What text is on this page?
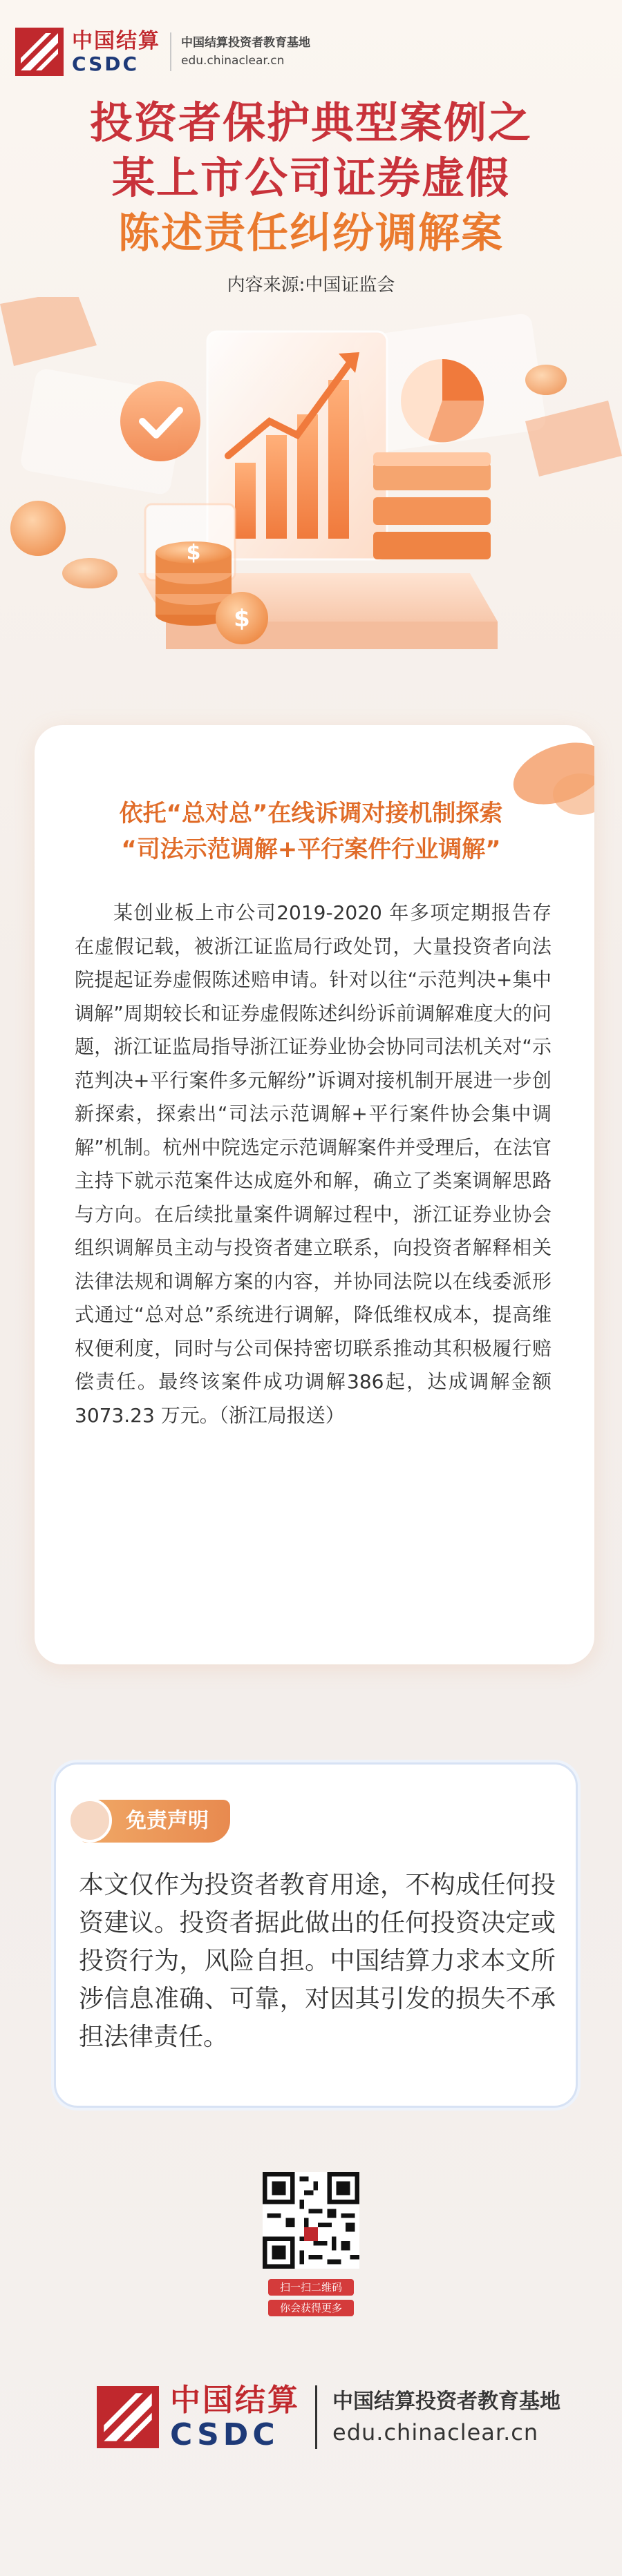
中国结算
CSDC
中国结算投资者教育基地
edu.chinaclear.cn
投资者保护典型案例之
某上市公司证券虚假
陈述责任纠纷调解案
内容来源:中国证监会
$
$
依托“总对总”在线诉调对接机制探索
“司法示范调解+平行案件行业调解”
某创业板上市公司2019-2020 年多项定期报告存在虚假记载，被浙江证监局行政处罚，大量投资者向法院提起证券虚假陈述赔申请。针对以往“示范判决+集中调解”周期较长和证券虚假陈述纠纷诉前调解难度大的问题，浙江证监局指导浙江证券业协会协同司法机关对“示范判决+平行案件多元解纷”诉调对接机制开展进一步创新探索，探索出“司法示范调解+平行案件协会集中调解”机制。杭州中院选定示范调解案件并受理后，在法官主持下就示范案件达成庭外和解，确立了类案调解思路与方向。在后续批量案件调解过程中，浙江证券业协会组织调解员主动与投资者建立联系，向投资者解释相关法律法规和调解方案的内容，并协同法院以在线委派形式通过“总对总”系统进行调解，降低维权成本，提高维权便利度，同时与公司保持密切联系推动其积极履行赔偿责任。最终该案件成功调解386起，达成调解金额3073.23 万元。（浙江局报送）
免责声明
本文仅作为投资者教育用途，不构成任何投资建议。投资者据此做出的任何投资决定或投资行为，风险自担。中国结算力求本文所涉信息准确、可靠，对因其引发的损失不承担法律责任。
扫一扫二维码
你会获得更多
中国结算
CSDC
中国结算投资者教育基地
edu.chinaclear.cn
